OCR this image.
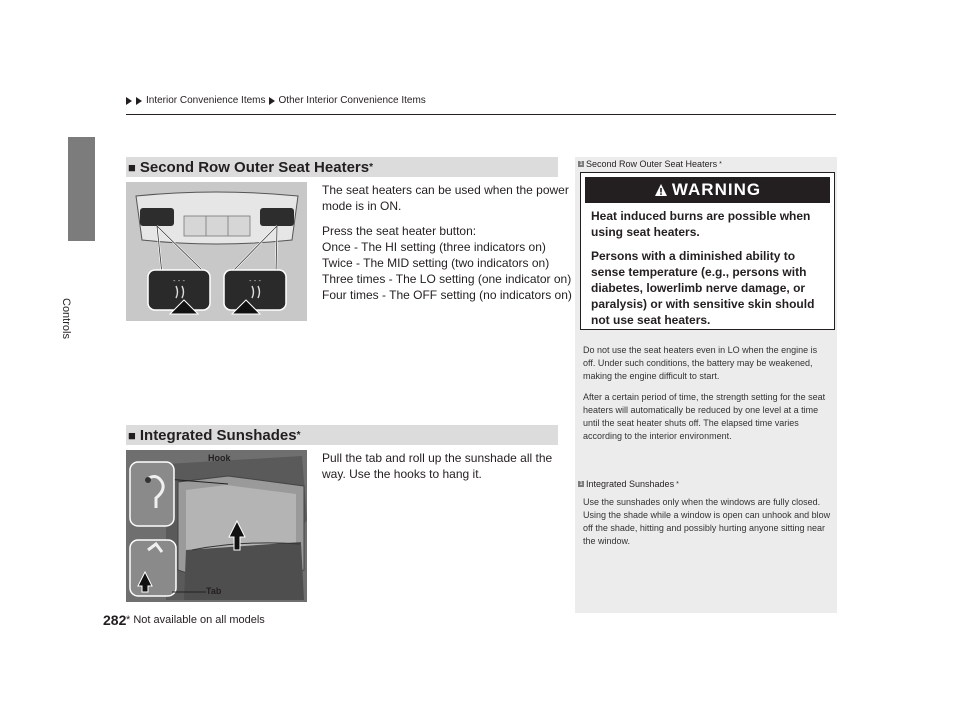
Controls
Interior Convenience Items Other Interior Convenience Items
■ Second Row Outer Seat Heaters *
- - -	- - -
The seat heaters can be used when the power
mode is in ON.
Press the seat heater button:
Once - The HI setting (three indicators on)
Twice - The MID setting (two indicators on)
Three times - The LO setting (one indicator on)
Four times - The OFF setting (no indicators on)
■ Integrated Sunshades *
Hook
Tab
Pull the tab and roll up the sunshade all the
way. Use the hooks to hang it.
1 Second Row Outer Seat Heaters *
WARNING

Heat induced burns are possible when using seat heaters.

Persons with a diminished ability to sense temperature (e.g., persons with diabetes, lowerlimb nerve damage, or paralysis) or with sensitive skin should not use seat heaters.

Do not use the seat heaters even in LO when the engine is off. Under such conditions, the battery may be weakened, making the engine difficult to start.

After a certain period of time, the strength setting for the seat heaters will automatically be reduced by one level at a time until the seat heater shuts off. The elapsed time varies according to the interior environment.

1 Integrated Sunshades *

Use the sunshades only when the windows are fully closed. Using the shade while a window is open can unhook and blow off the shade, hitting and possibly hurting anyone sitting near the window.

282 * Not available on all models
